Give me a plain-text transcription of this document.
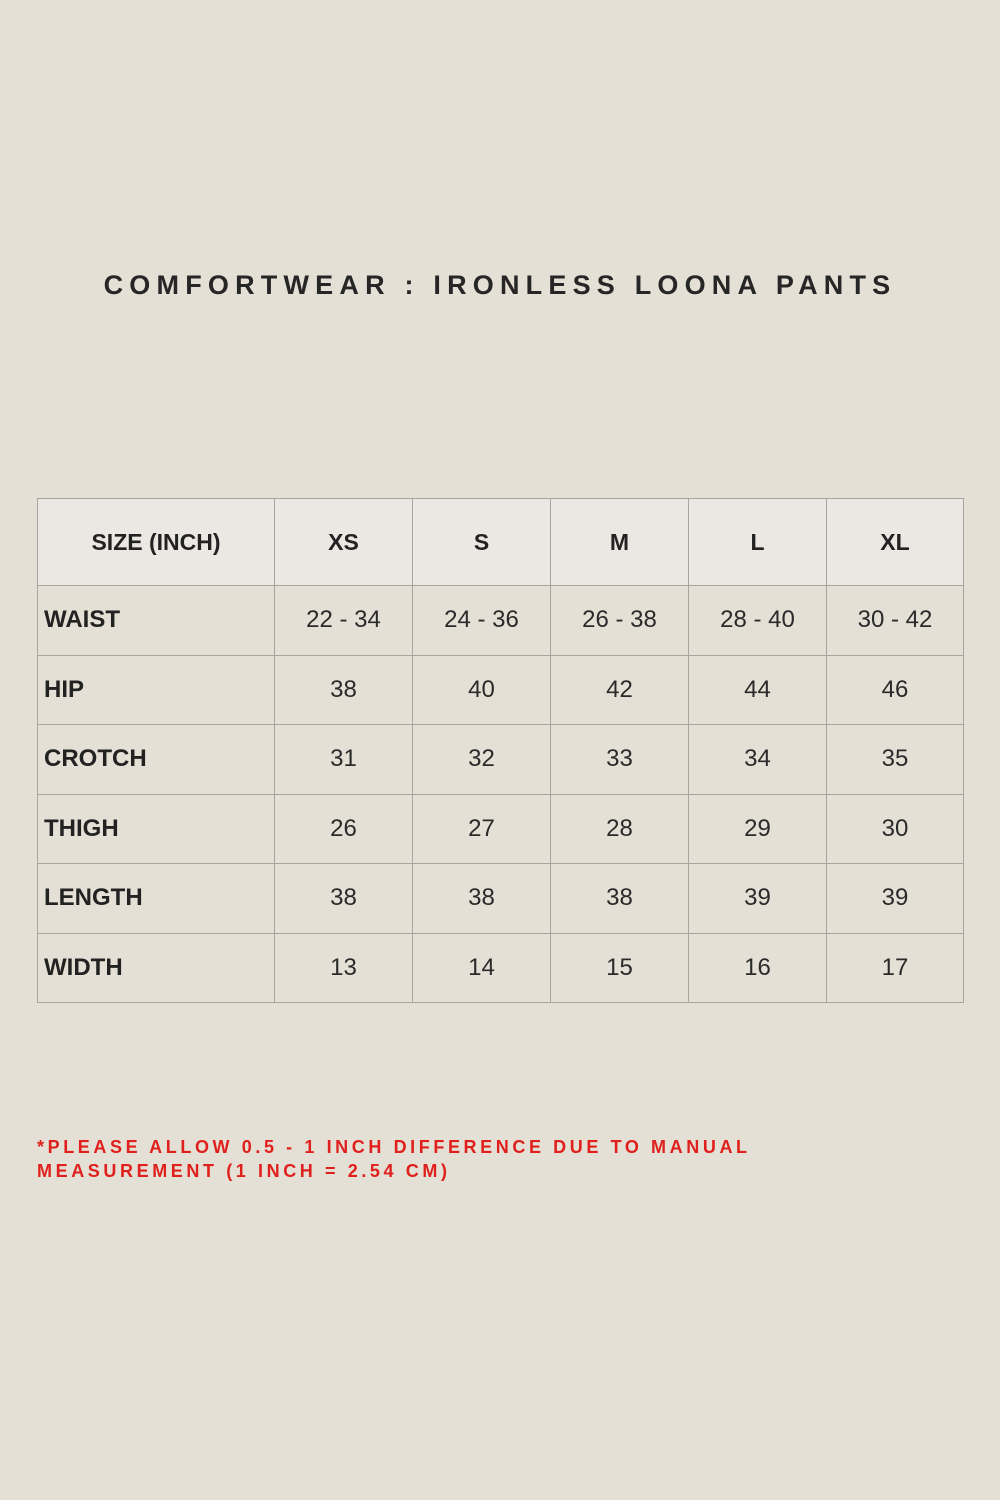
COMFORTWEAR : IRONLESS LOONA PANTS
SIZE (INCH)	XS	S	M	L	XL
WAIST	22 - 34	24 - 36	26 - 38	28 - 40	30 - 42
HIP	38	40	42	44	46
CROTCH	31	32	33	34	35
THIGH	26	27	28	29	30
LENGTH	38	38	38	39	39
WIDTH	13	14	15	16	17
*PLEASE ALLOW 0.5 - 1 INCH DIFFERENCE DUE TO MANUAL
MEASUREMENT (1 INCH = 2.54 CM)
